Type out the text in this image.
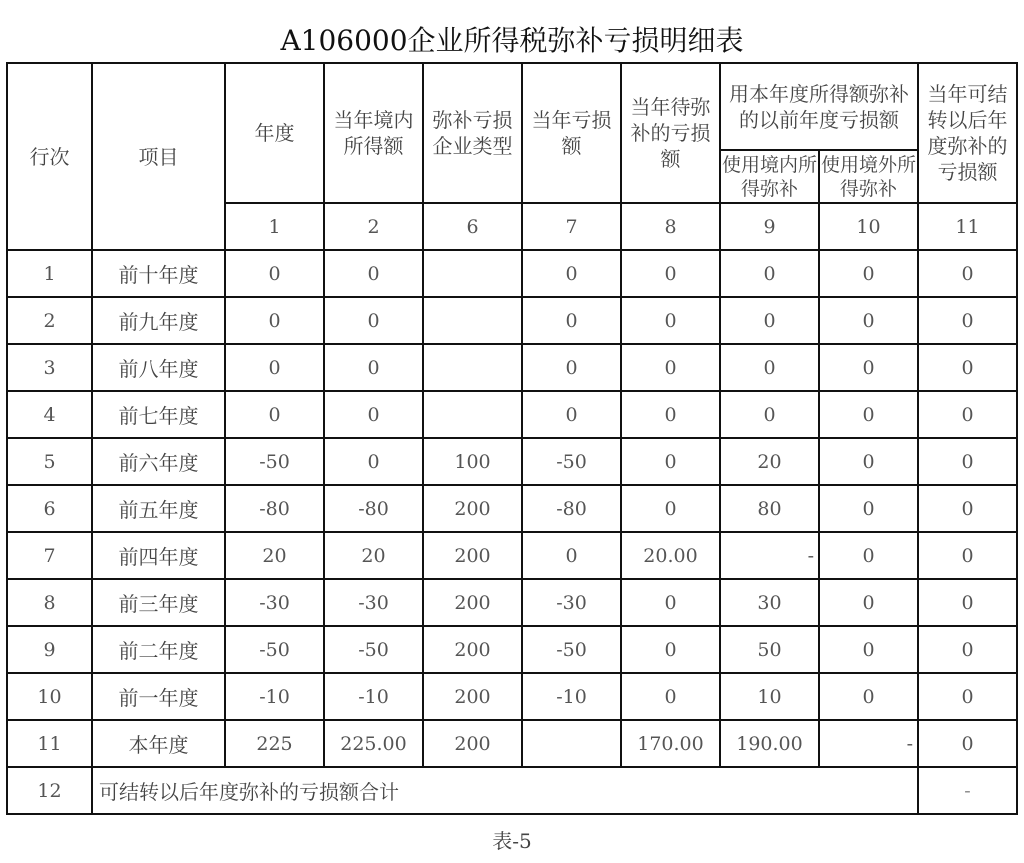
A106000企业所得税弥补亏损明细表
行次	项目	年度	当年境内所得额	弥补亏损企业类型	当年亏损额	当年待弥补的亏损额	用本年度所得额弥补的以前年度亏损额		当年可结转以后年度弥补的亏损额
							使用境内所得弥补	使用境外所得弥补	
		1	2	6	7	8	9	10	11
1	前十年度	0	0		0	0	0	0	0
2	前九年度	0	0		0	0	0	0	0
3	前八年度	0	0		0	0	0	0	0
4	前七年度	0	0		0	0	0	0	0
5	前六年度	-50	0	100	-50	0	20	0	0
6	前五年度	-80	-80	200	-80	0	80	0	0
7	前四年度	20	20	200	0	20.00	-	0	0
8	前三年度	-30	-30	200	-30	0	30	0	0
9	前二年度	-50	-50	200	-50	0	50	0	0
10	前一年度	-10	-10	200	-10	0	10	0	0
11	本年度	225	225.00	200		170.00	190.00	-	0
12	可结转以后年度弥补的亏损额合计								-
表-5
